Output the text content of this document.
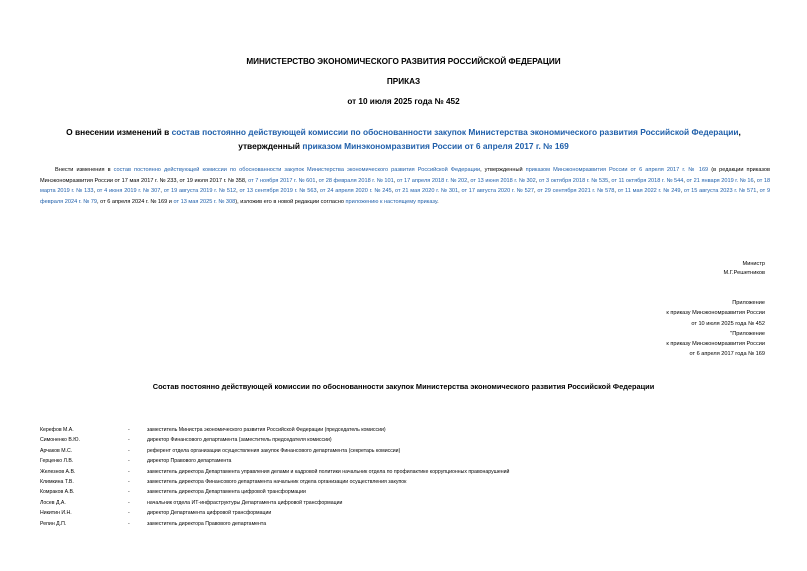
МИНИСТЕРСТВО ЭКОНОМИЧЕСКОГО РАЗВИТИЯ РОССИЙСКОЙ ФЕДЕРАЦИИ
ПРИКАЗ
от 10 июля 2025 года № 452
О внесении изменений в состав постоянно действующей комиссии по обоснованности закупок Министерства экономического развития Российской Федерации, утвержденный приказом Минэкономразвития России от 6 апреля 2017 г. № 169
Внести изменения в состав постоянно действующей комиссии по обоснованности закупок Министерства экономического развития Российской Федерации, утвержденный приказом Минэкономразвития России от 6 апреля 2017 г. № 169 (в редакции приказов Минэкономразвития России от 17 мая 2017 г. № 233, от 19 июля 2017 г. № 358, от 7 ноября 2017 г. № 601, от 28 февраля 2018 г. № 101, от 17 апреля 2018 г. № 202, от 13 июня 2018 г. № 302, от 3 октября 2018 г. № 535, от 11 октября 2018 г. № 544, от 21 января 2019 г. № 16, от 18 марта 2019 г. № 133, от 4 июня 2019 г. № 307, от 19 августа 2019 г. № 512, от 13 сентября 2019 г. № 563, от 24 апреля 2020 г. № 245, от 21 мая 2020 г. № 301, от 17 августа 2020 г. № 527, от 29 сентября 2021 г. № 578, от 11 мая 2022 г. № 249, от 15 августа 2023 г. № 571, от 9 февраля 2024 г. № 79, от 6 апреля 2024 г. № 169 и от 13 мая 2025 г. № 308), изложив его в новой редакции согласно приложению к настоящему приказу.
Министр
М.Г.Решетников
Приложение
к приказу Минэкономразвития России
от 10 июля 2025 года № 452
"Приложение
к приказу Минэкономразвития России
от 6 апреля 2017 года № 169
Состав постоянно действующей комиссии по обоснованности закупок Министерства экономического развития Российской Федерации
Керефов М.А.	-	заместитель Министра экономического развития Российской Федерации (председатель комиссии)
Симоненко В.Ю.	-	директор Финансового департамента (заместитель председателя комиссии)
Арчаков М.С.	-	референт отдела организации осуществления закупок Финансового департамента (секретарь комиссии)
Герценко Л.В.	-	директор Правового департамента
Железнов А.В.	-	заместитель директора Департамента управления делами и кадровой политики начальник отдела по профилактике коррупционных правонарушений
Климкина Т.В.	-	заместитель директора Финансового департамента начальник отдела организации осуществления закупок
Комраков А.В.	-	заместитель директора Департамента цифровой трансформации
Лосев Д.А.	-	начальник отдела ИТ-инфраструктуры Департамента цифровой трансформации
Никитин И.Н.	-	директор Департамента цифровой трансформации
Репин Д.П.	-	заместитель директора Правового департамента
